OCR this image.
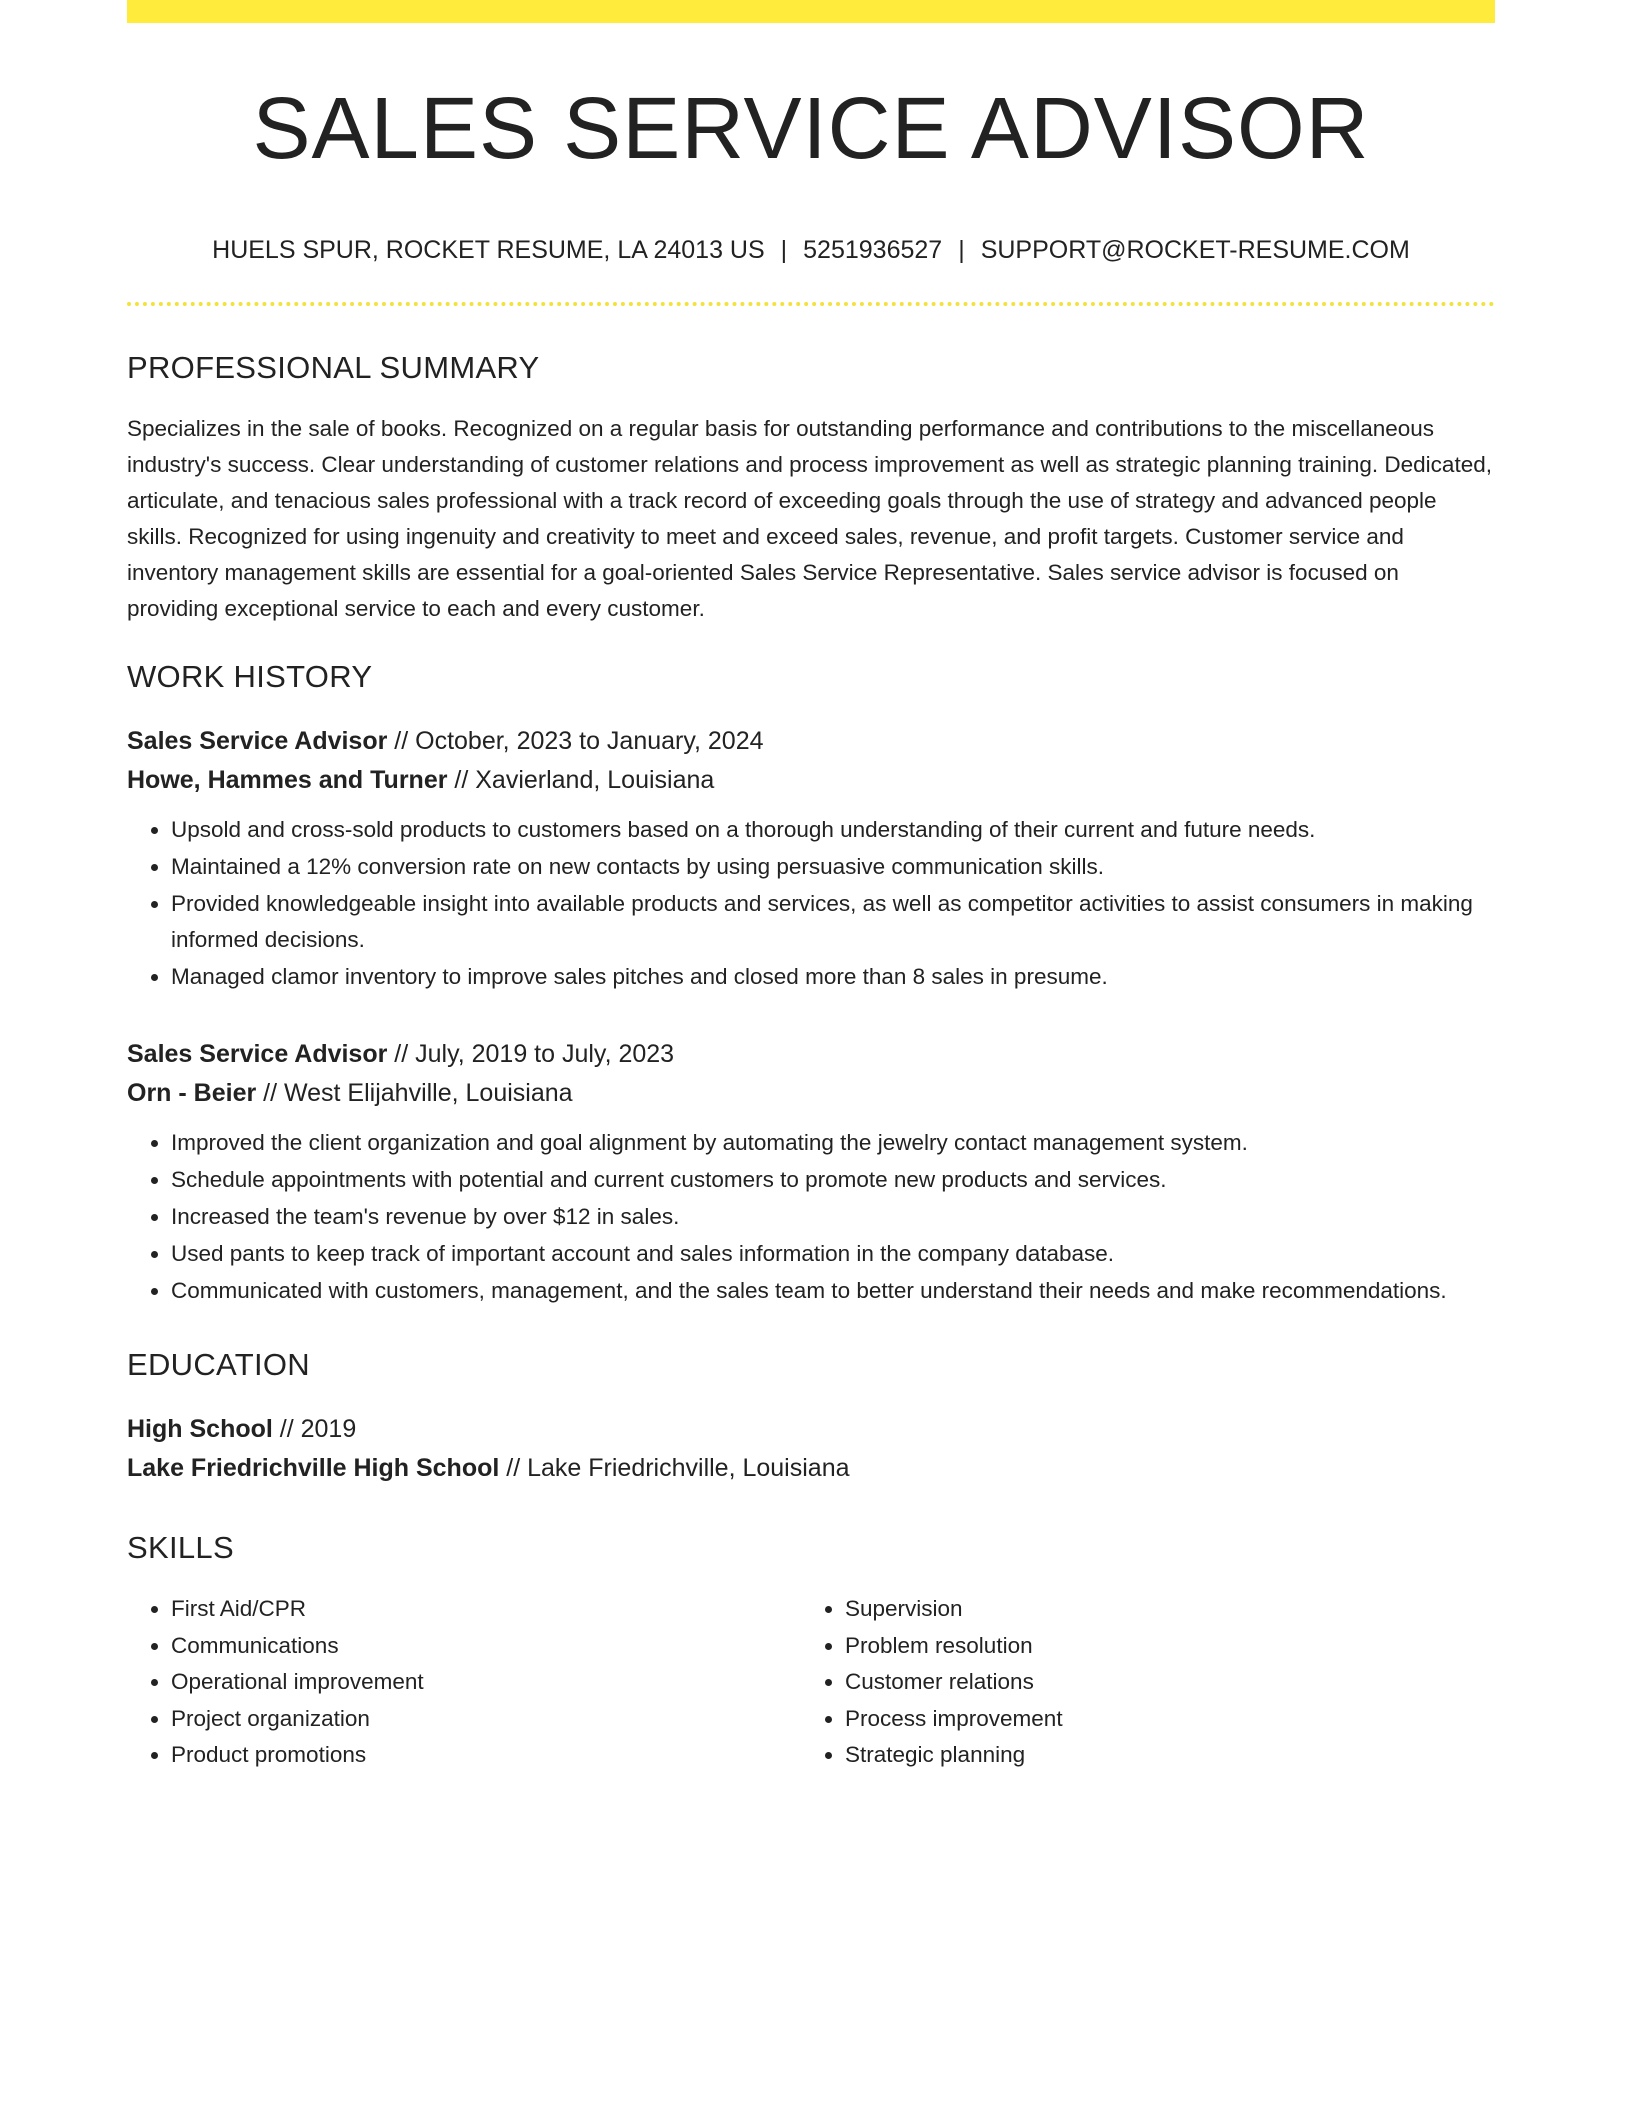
SALES SERVICE ADVISOR
HUELS SPUR, ROCKET RESUME, LA 24013 US | 5251936527 | SUPPORT@ROCKET-RESUME.COM
PROFESSIONAL SUMMARY
Specializes in the sale of books. Recognized on a regular basis for outstanding performance and contributions to the miscellaneous industry's success. Clear understanding of customer relations and process improvement as well as strategic planning training. Dedicated, articulate, and tenacious sales professional with a track record of exceeding goals through the use of strategy and advanced people skills. Recognized for using ingenuity and creativity to meet and exceed sales, revenue, and profit targets. Customer service and inventory management skills are essential for a goal-oriented Sales Service Representative. Sales service advisor is focused on providing exceptional service to each and every customer.
WORK HISTORY
Sales Service Advisor // October, 2023 to January, 2024
Howe, Hammes and Turner // Xavierland, Louisiana
• Upsold and cross-sold products to customers based on a thorough understanding of their current and future needs.
• Maintained a 12% conversion rate on new contacts by using persuasive communication skills.
• Provided knowledgeable insight into available products and services, as well as competitor activities to assist consumers in making informed decisions.
• Managed clamor inventory to improve sales pitches and closed more than 8 sales in presume.
Sales Service Advisor // July, 2019 to July, 2023
Orn - Beier // West Elijahville, Louisiana
• Improved the client organization and goal alignment by automating the jewelry contact management system.
• Schedule appointments with potential and current customers to promote new products and services.
• Increased the team's revenue by over $12 in sales.
• Used pants to keep track of important account and sales information in the company database.
• Communicated with customers, management, and the sales team to better understand their needs and make recommendations.
EDUCATION
High School // 2019
Lake Friedrichville High School // Lake Friedrichville, Louisiana
SKILLS
• First Aid/CPR
• Communications
• Operational improvement
• Project organization
• Product promotions
• Supervision
• Problem resolution
• Customer relations
• Process improvement
• Strategic planning
